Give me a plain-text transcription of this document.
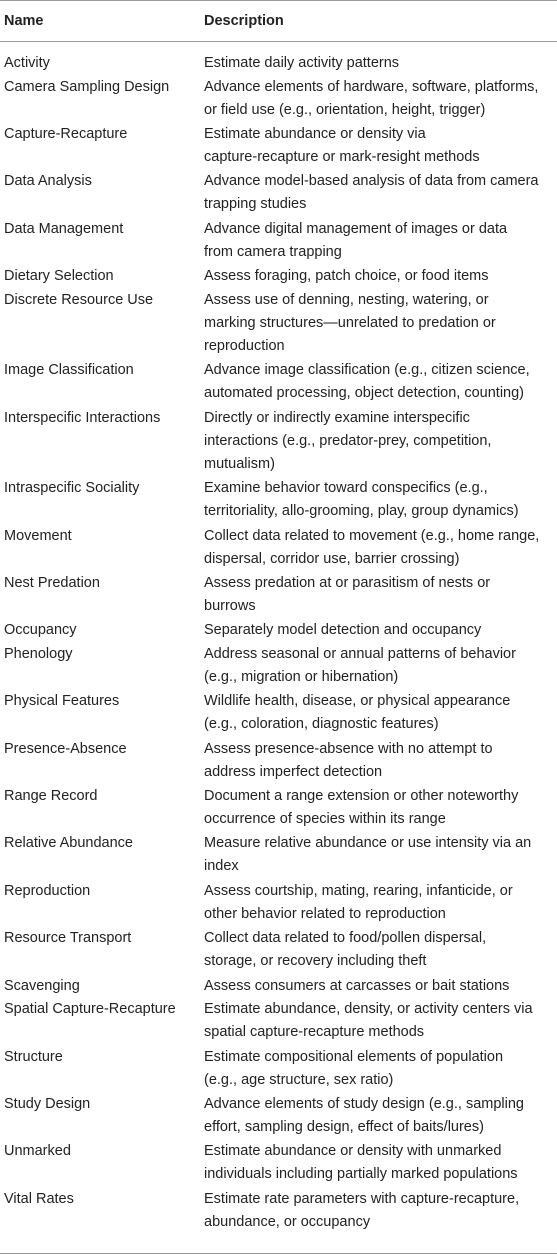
Name	Description
Activity	Estimate daily activity patterns
Camera Sampling Design	Advance elements of hardware, software, platforms,
or field use (e.g., orientation, height, trigger)
Capture-Recapture	Estimate abundance or density via
capture-recapture or mark-resight methods
Data Analysis	Advance model-based analysis of data from camera
trapping studies
Data Management	Advance digital management of images or data
from camera trapping
Dietary Selection	Assess foraging, patch choice, or food items
Discrete Resource Use	Assess use of denning, nesting, watering, or
marking structures—unrelated to predation or
reproduction
Image Classification	Advance image classification (e.g., citizen science,
automated processing, object detection, counting)
Interspecific Interactions	Directly or indirectly examine interspecific
interactions (e.g., predator-prey, competition,
mutualism)
Intraspecific Sociality	Examine behavior toward conspecifics (e.g.,
territoriality, allo-grooming, play, group dynamics)
Movement	Collect data related to movement (e.g., home range,
dispersal, corridor use, barrier crossing)
Nest Predation	Assess predation at or parasitism of nests or
burrows
Occupancy	Separately model detection and occupancy
Phenology	Address seasonal or annual patterns of behavior
(e.g., migration or hibernation)
Physical Features	Wildlife health, disease, or physical appearance
(e.g., coloration, diagnostic features)
Presence-Absence	Assess presence-absence with no attempt to
address imperfect detection
Range Record	Document a range extension or other noteworthy
occurrence of species within its range
Relative Abundance	Measure relative abundance or use intensity via an
index
Reproduction	Assess courtship, mating, rearing, infanticide, or
other behavior related to reproduction
Resource Transport	Collect data related to food/pollen dispersal,
storage, or recovery including theft
Scavenging	Assess consumers at carcasses or bait stations
Spatial Capture-Recapture	Estimate abundance, density, or activity centers via
spatial capture-recapture methods
Structure	Estimate compositional elements of population
(e.g., age structure, sex ratio)
Study Design	Advance elements of study design (e.g., sampling
effort, sampling design, effect of baits/lures)
Unmarked	Estimate abundance or density with unmarked
individuals including partially marked populations
Vital Rates	Estimate rate parameters with capture-recapture,
abundance, or occupancy
